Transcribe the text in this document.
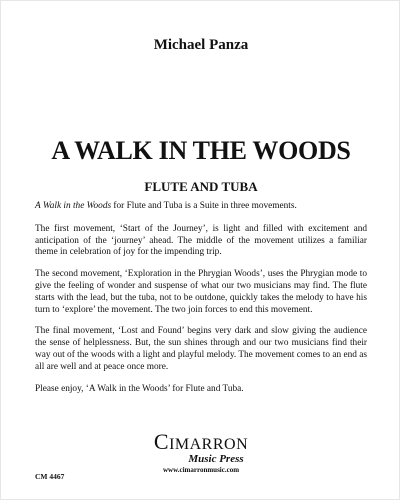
Michael Panza
A WALK IN THE WOODS
FLUTE AND TUBA

A Walk in the Woods for Flute and Tuba is a Suite in three movements.

The first movement, ‘Start of the Journey’, is light and filled with excitement and anticipation of the ‘journey’ ahead. The middle of the movement utilizes a familiar theme in celebration of joy for the impending trip.

The second movement, ‘Exploration in the Phrygian Woods’, uses the Phrygian mode to give the feeling of wonder and suspense of what our two musicians may find. The flute starts with the lead, but the tuba, not to be outdone, quickly takes the melody to have his turn to ‘explore’ the movement. The two join forces to end this movement.

The final movement, ‘Lost and Found’ begins very dark and slow giving the audience the sense of helplessness. But, the sun shines through and our two musicians find their way out of the woods with a light and playful melody. The movement comes to an end as all are well and at peace once more.

Please enjoy, ‘A Walk in the Woods’ for Flute and Tuba.

CM 4467
CIMARRON
Music Press
www.cimarronmusic.com
